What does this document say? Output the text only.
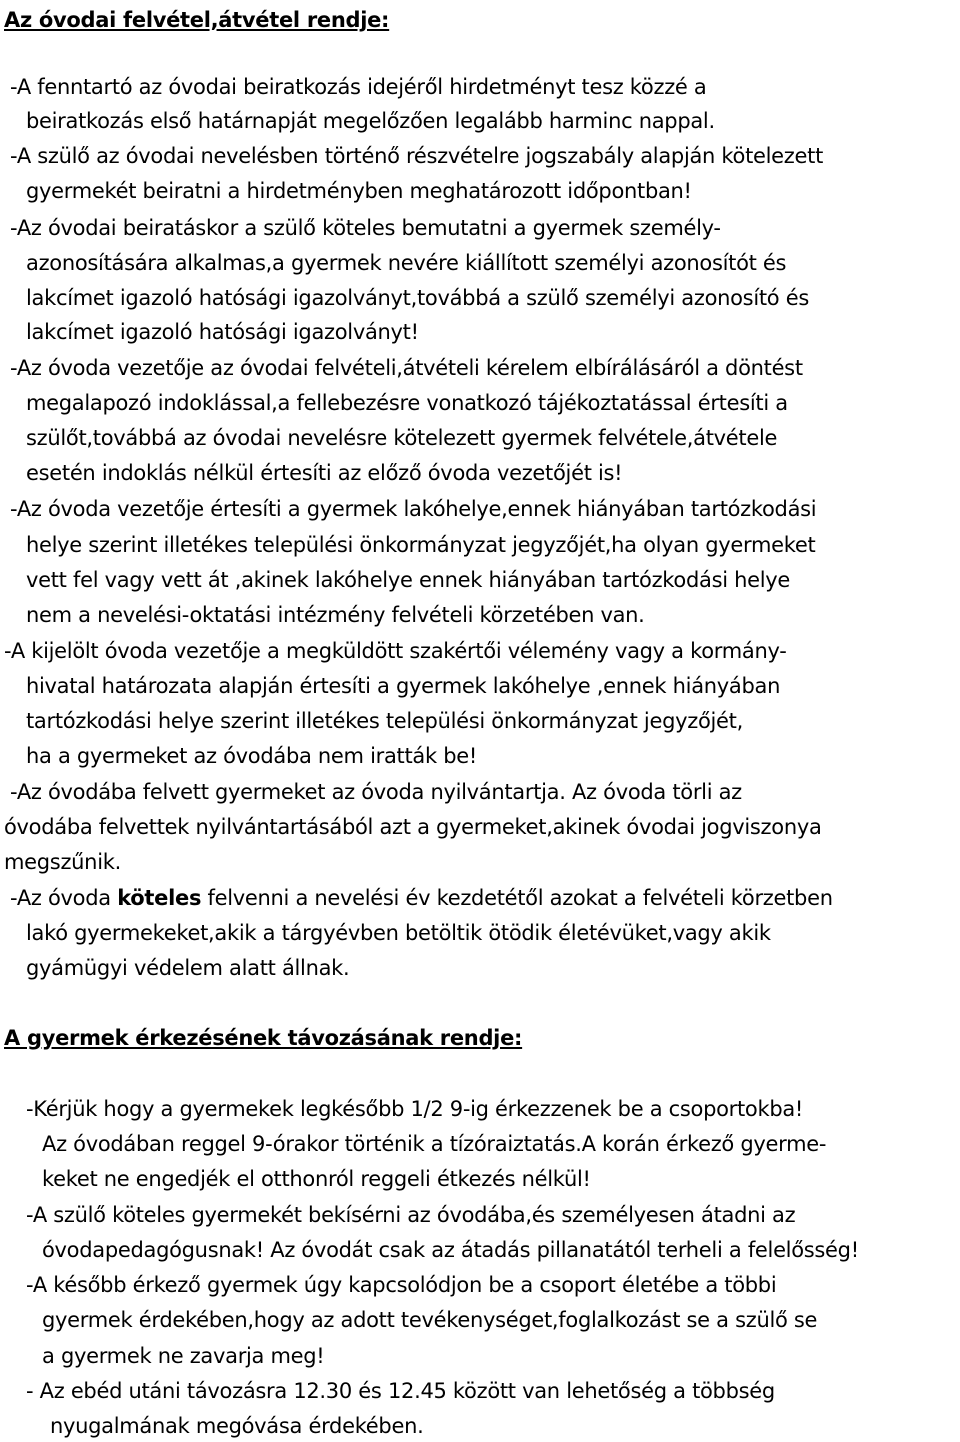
Az óvodai felvétel,átvétel rendje:
-A fenntartó az óvodai beiratkozás idejéről hirdetményt tesz közzé a
beiratkozás első határnapját megelőzően legalább harminc nappal.
-A szülő az óvodai nevelésben történő részvételre jogszabály alapján kötelezett
gyermekét beiratni a hirdetményben meghatározott időpontban!
-Az óvodai beiratáskor a szülő köteles bemutatni a gyermek személy-
azonosítására alkalmas,a gyermek nevére kiállított személyi azonosítót és
lakcímet igazoló hatósági igazolványt,továbbá a szülő személyi azonosító és
lakcímet igazoló hatósági igazolványt!
-Az óvoda vezetője az óvodai felvételi,átvételi kérelem elbírálásáról a döntést
megalapozó indoklással,a fellebezésre vonatkozó tájékoztatással értesíti a
szülőt,továbbá az óvodai nevelésre kötelezett gyermek felvétele,átvétele
esetén indoklás nélkül értesíti az előző óvoda vezetőjét is!
-Az óvoda vezetője értesíti a gyermek lakóhelye,ennek hiányában tartózkodási
helye szerint illetékes települési önkormányzat jegyzőjét,ha olyan gyermeket
vett fel vagy vett át ,akinek lakóhelye ennek hiányában tartózkodási helye
nem a nevelési-oktatási intézmény felvételi körzetében van.
-A kijelölt óvoda vezetője a megküldött szakértői vélemény vagy a kormány-
hivatal határozata alapján értesíti a gyermek lakóhelye ,ennek hiányában
tartózkodási helye szerint illetékes települési önkormányzat jegyzőjét,
ha a gyermeket az óvodába nem iratták be!
-Az óvodába felvett gyermeket az óvoda nyilvántartja. Az óvoda törli az
óvodába felvettek nyilvántartásából azt a gyermeket,akinek óvodai jogviszonya
megszűnik.
-Az óvoda köteles felvenni a nevelési év kezdetétől azokat a felvételi körzetben
lakó gyermekeket,akik a tárgyévben betöltik ötödik életévüket,vagy akik
gyámügyi védelem alatt állnak.
A gyermek érkezésének távozásának rendje:
-Kérjük hogy a gyermekek legkésőbb 1/2 9-ig érkezzenek be a csoportokba!
Az óvodában reggel 9-órakor történik a tízóraiztatás.A korán érkező gyerme-
keket ne engedjék el otthonról reggeli étkezés nélkül!
-A szülő köteles gyermekét bekísérni az óvodába,és személyesen átadni az
óvodapedagógusnak! Az óvodát csak az átadás pillanatától terheli a felelősség!
-A később érkező gyermek úgy kapcsolódjon be a csoport életébe a többi
gyermek érdekében,hogy az adott tevékenységet,foglalkozást se a szülő se
a gyermek ne zavarja meg!
- Az ebéd utáni távozásra 12.30 és 12.45 között van lehetőség a többség
nyugalmának megóvása érdekében.
